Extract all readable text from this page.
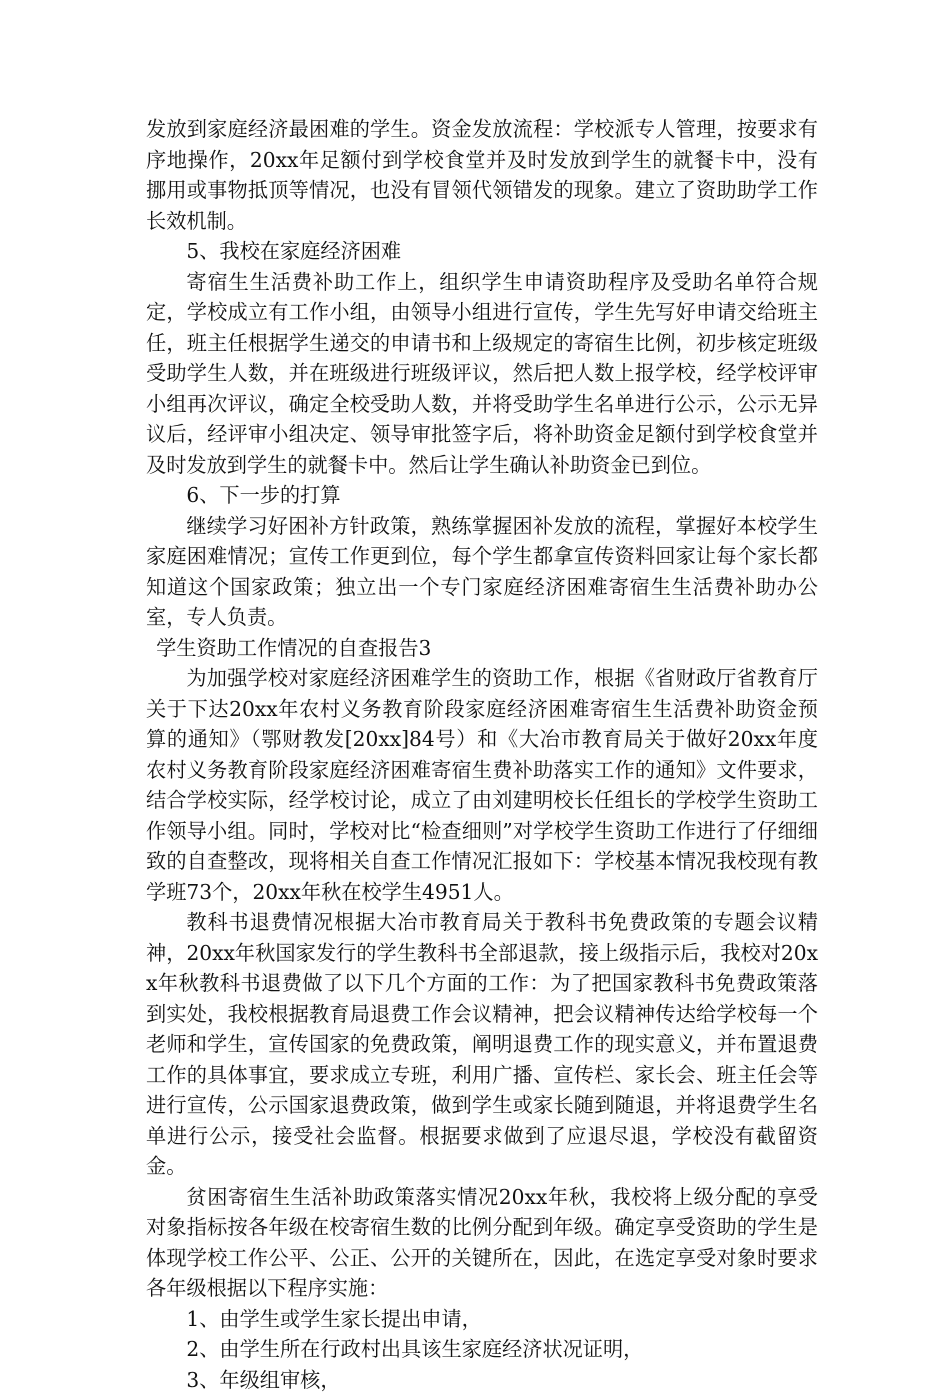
发放到家庭经济最困难的学生。资金发放流程：学校派专人管理，按要求有序地操作，20xx年足额付到学校食堂并及时发放到学生的就餐卡中，没有挪用或事物抵顶等情况，也没有冒领代领错发的现象。建立了资助助学工作长效机制。

5、我校在家庭经济困难

寄宿生生活费补助工作上，组织学生申请资助程序及受助名单符合规定，学校成立有工作小组，由领导小组进行宣传，学生先写好申请交给班主任，班主任根据学生递交的申请书和上级规定的寄宿生比例，初步核定班级受助学生人数，并在班级进行班级评议，然后把人数上报学校，经学校评审小组再次评议，确定全校受助人数，并将受助学生名单进行公示，公示无异议后，经评审小组决定、领导审批签字后，将补助资金足额付到学校食堂并及时发放到学生的就餐卡中。然后让学生确认补助资金已到位。

6、下一步的打算

继续学习好困补方针政策，熟练掌握困补发放的流程，掌握好本校学生家庭困难情况；宣传工作更到位，每个学生都拿宣传资料回家让每个家长都知道这个国家政策；独立出一个专门家庭经济困难寄宿生生活费补助办公室，专人负责。

学生资助工作情况的自查报告3

为加强学校对家庭经济困难学生的资助工作，根据《省财政厅省教育厅关于下达20xx年农村义务教育阶段家庭经济困难寄宿生生活费补助资金预算的通知》（鄂财教发[20xx]84号）和《大冶市教育局关于做好20xx年度农村义务教育阶段家庭经济困难寄宿生费补助落实工作的通知》文件要求，结合学校实际，经学校讨论，成立了由刘建明校长任组长的学校学生资助工作领导小组。同时，学校对比“检查细则”对学校学生资助工作进行了仔细细致的自查整改，现将相关自查工作情况汇报如下：学校基本情况我校现有教学班73个，20xx年秋在校学生4951人。

教科书退费情况根据大冶市教育局关于教科书免费政策的专题会议精神，20xx年秋国家发行的学生教科书全部退款，接上级指示后，我校对20xx年秋教科书退费做了以下几个方面的工作：为了把国家教科书免费政策落到实处，我校根据教育局退费工作会议精神，把会议精神传达给学校每一个老师和学生，宣传国家的免费政策，阐明退费工作的现实意义，并布置退费工作的具体事宜，要求成立专班，利用广播、宣传栏、家长会、班主任会等进行宣传，公示国家退费政策，做到学生或家长随到随退，并将退费学生名单进行公示，接受社会监督。根据要求做到了应退尽退，学校没有截留资金。

贫困寄宿生生活补助政策落实情况20xx年秋，我校将上级分配的享受对象指标按各年级在校寄宿生数的比例分配到年级。确定享受资助的学生是体现学校工作公平、公正、公开的关键所在，因此，在选定享受对象时要求各年级根据以下程序实施：

1、由学生或学生家长提出申请，

2、由学生所在行政村出具该生家庭经济状况证明，

3、年级组审核，
